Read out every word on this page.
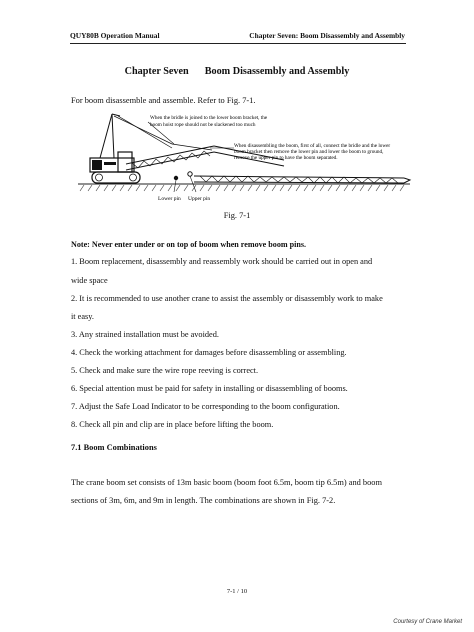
QUY80B Operation Manual	Chapter Seven: Boom Disassembly and Assembly
Chapter Seven Boom Disassembly and Assembly
For boom disassemble and assemble. Refer to Fig. 7-1.
When the bridle is joined to the lower boom bracket, the
boom hoist rope should not be slackened too much
When disassembling the boom, first of all, connect the bridle and the lower
boom bracket then remove the lower pin and lower the boom to ground,
remove the upper pin to have the boom separated.
Lower pin Upper pin
Fig. 7-1
Note: Never enter under or on top of boom when remove boom pins.
1. Boom replacement, disassembly and reassembly work should be carried out in open and
wide space
2. It is recommended to use another crane to assist the assembly or disassembly work to make
it easy.
3. Any strained installation must be avoided.
4. Check the working attachment for damages before disassembling or assembling.
5. Check and make sure the wire rope reeving is correct.
6. Special attention must be paid for safety in installing or disassembling of booms.
7. Adjust the Safe Load Indicator to be corresponding to the boom configuration.
8. Check all pin and clip are in place before lifting the boom.
7.1 Boom Combinations
The crane boom set consists of 13m basic boom (boom foot 6.5m, boom tip 6.5m) and boom
sections of 3m, 6m, and 9m in length. The combinations are shown in Fig. 7-2.
7-1 / 10
Courtesy of Crane Market
